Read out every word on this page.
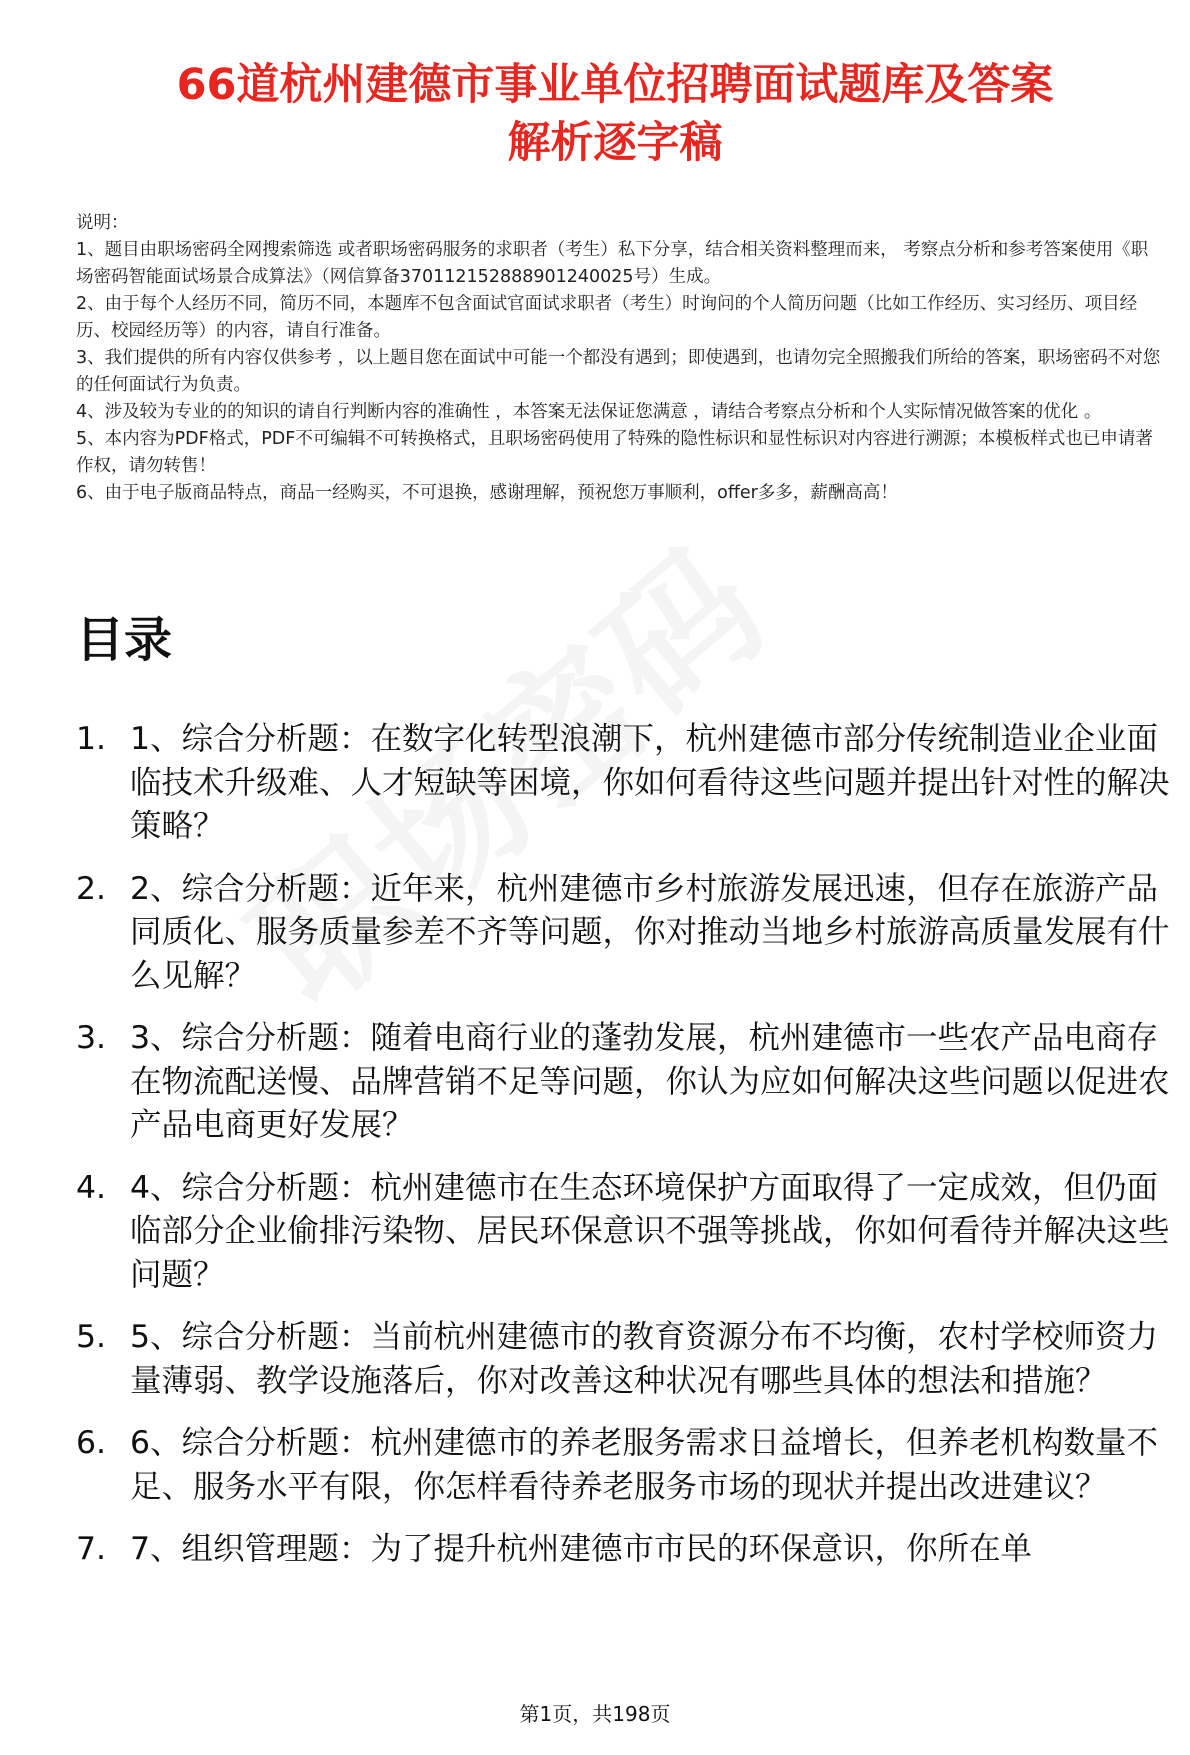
66道杭州建德市事业单位招聘面试题库及答案
解析逐字稿
说明：
1、题目由职场密码全网搜索筛选 或者职场密码服务的求职者（考生）私下分享，结合相关资料整理而来， 考察点分析和参考答案使用《职场密码智能面试场景合成算法》（网信算备370112152888901240025号）生成。
2、由于每个人经历不同，简历不同，本题库不包含面试官面试求职者（考生）时询问的个人简历问题（比如工作经历、实习经历、项目经历、校园经历等）的内容，请自行准备。
3、我们提供的所有内容仅供参考 ，以上题目您在面试中可能一个都没有遇到；即使遇到，也请勿完全照搬我们所给的答案，职场密码不对您的任何面试行为负责。
4、涉及较为专业的的知识的请自行判断内容的准确性 ，本答案无法保证您满意 ，请结合考察点分析和个人实际情况做答案的优化 。
5、本内容为PDF格式，PDF不可编辑不可转换格式，且职场密码使用了特殊的隐性标识和显性标识对内容进行溯源；本模板样式也已申请著作权，请勿转售！
6、由于电子版商品特点，商品一经购买，不可退换，感谢理解，预祝您万事顺利，offer多多，薪酬高高！
目录
1. 1、综合分析题：在数字化转型浪潮下，杭州建德市部分传统制造业企业面临技术升级难、人才短缺等困境，你如何看待这些问题并提出针对性的解决策略？
2. 2、综合分析题：近年来，杭州建德市乡村旅游发展迅速，但存在旅游产品同质化、服务质量参差不齐等问题，你对推动当地乡村旅游高质量发展有什么见解？
3. 3、综合分析题：随着电商行业的蓬勃发展，杭州建德市一些农产品电商存在物流配送慢、品牌营销不足等问题，你认为应如何解决这些问题以促进农产品电商更好发展？
4. 4、综合分析题：杭州建德市在生态环境保护方面取得了一定成效，但仍面临部分企业偷排污染物、居民环保意识不强等挑战，你如何看待并解决这些问题？
5. 5、综合分析题：当前杭州建德市的教育资源分布不均衡，农村学校师资力量薄弱、教学设施落后，你对改善这种状况有哪些具体的想法和措施？
6. 6、综合分析题：杭州建德市的养老服务需求日益增长，但养老机构数量不足、服务水平有限，你怎样看待养老服务市场的现状并提出改进建议？
7. 7、组织管理题：为了提升杭州建德市市民的环保意识，你所在单
第1页，共198页
